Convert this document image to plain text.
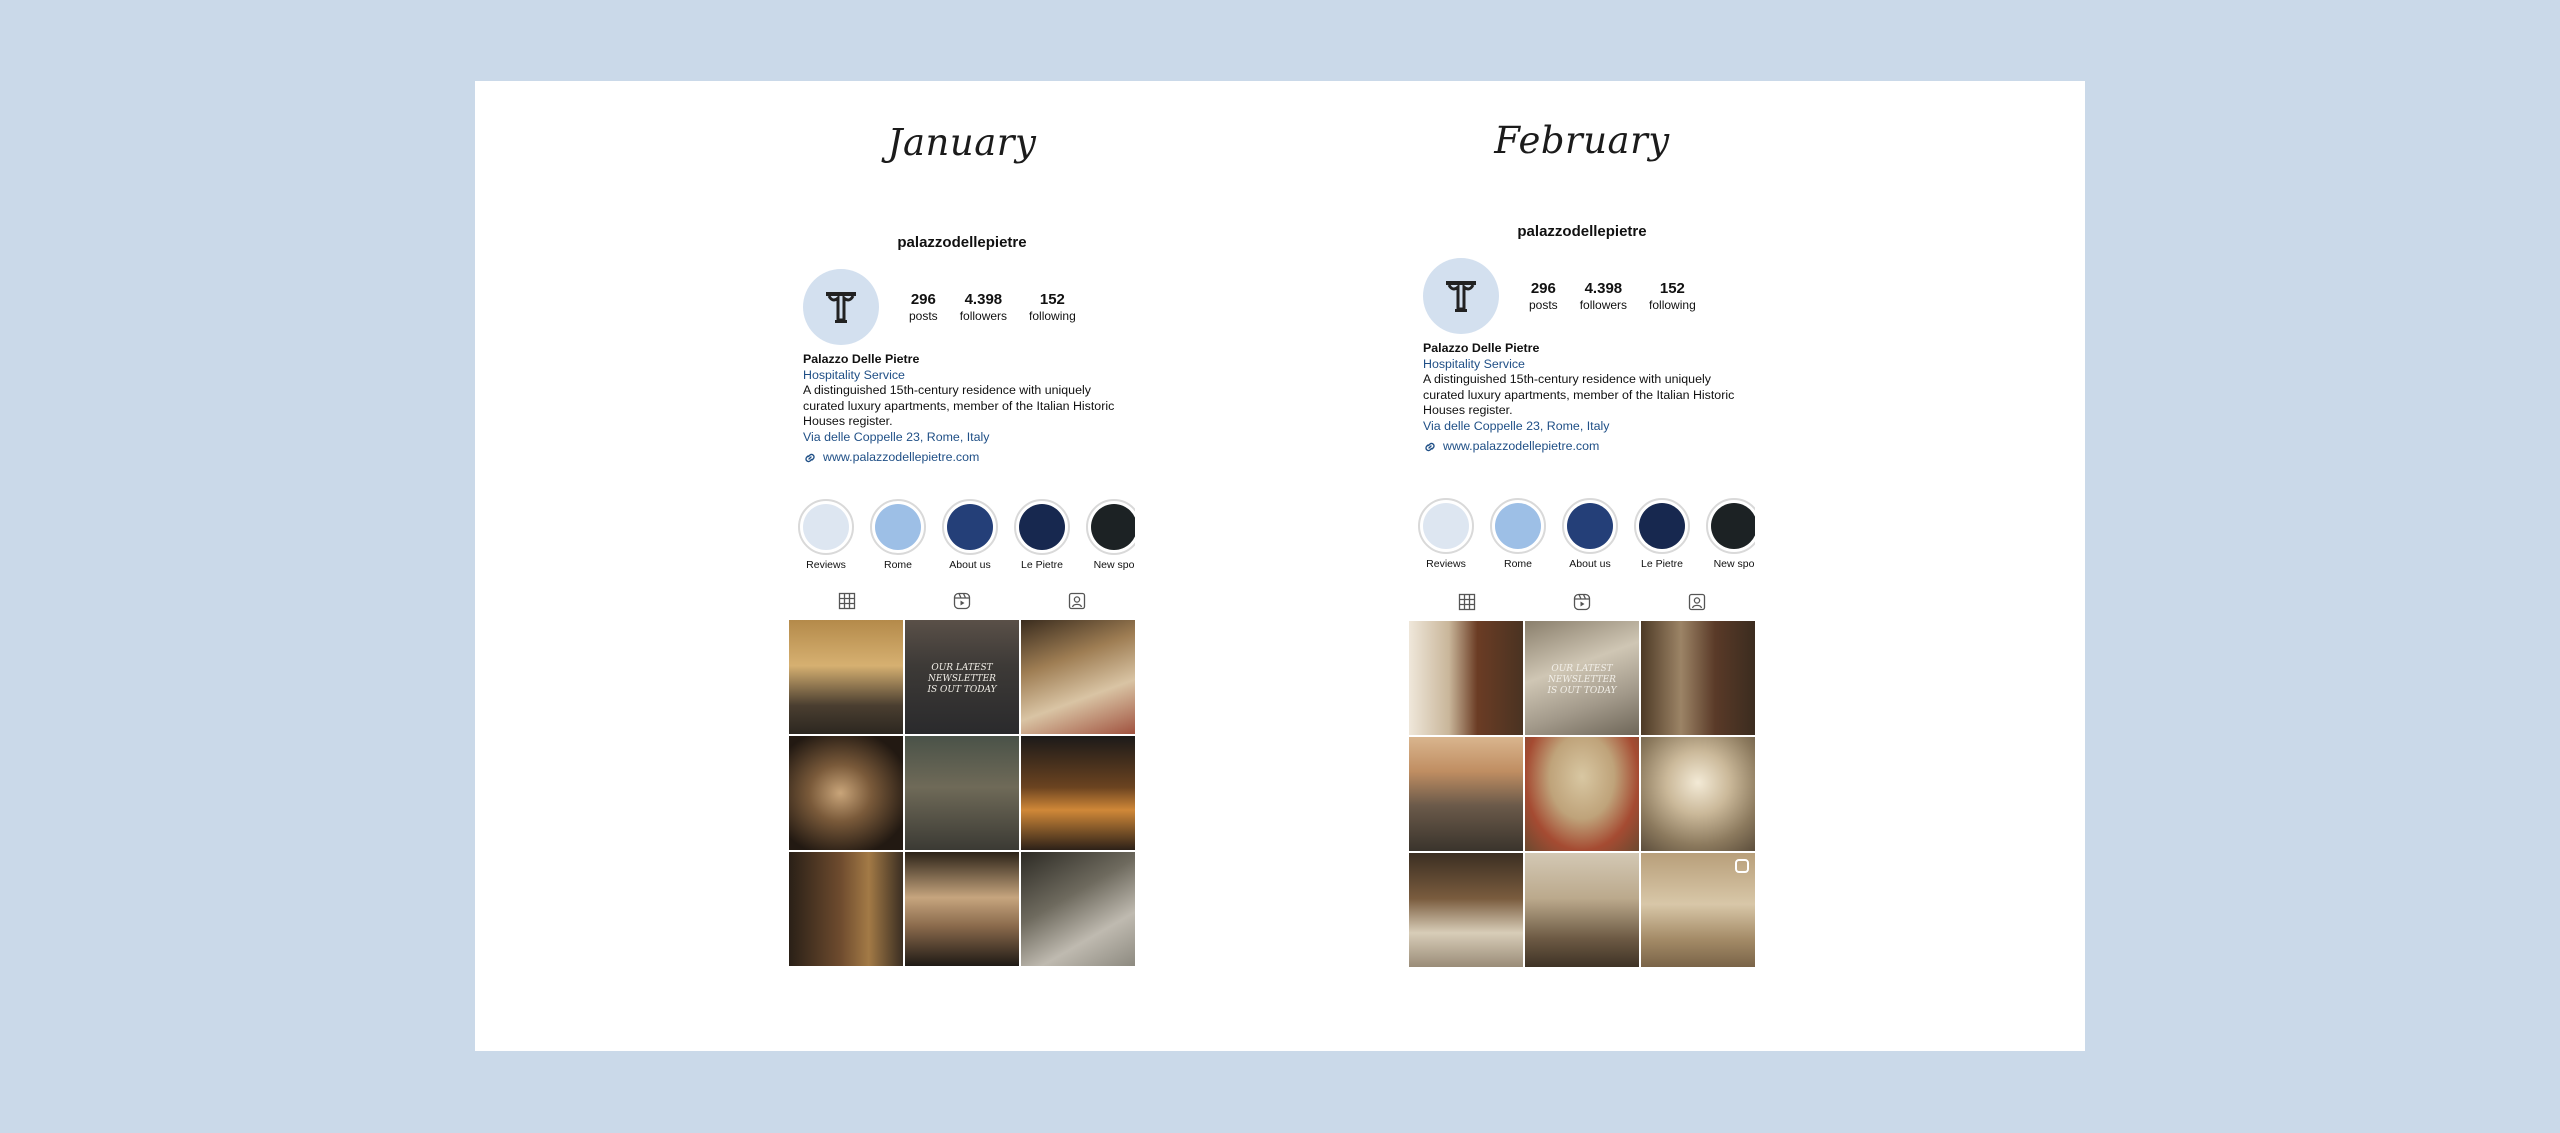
January
palazzodellepietre
296
posts
4.398
followers
152
following
Palazzo Delle Pietre
Hospitality Service
A distinguished 15th-century residence with uniquely curated luxury apartments, member of the Italian Historic Houses register.
Via delle Coppelle 23, Rome, Italy
www.palazzodellepietre.com
Reviews	Rome	About us	Le Pietre	New spo
OUR LATEST
NEWSLETTER
IS OUT TODAY
February
palazzodellepietre
296
posts
4.398
followers
152
following
Palazzo Delle Pietre
Hospitality Service
A distinguished 15th-century residence with uniquely curated luxury apartments, member of the Italian Historic Houses register.
Via delle Coppelle 23, Rome, Italy
www.palazzodellepietre.com
Reviews	Rome	About us	Le Pietre	New spo
OUR LATEST
NEWSLETTER
IS OUT TODAY
